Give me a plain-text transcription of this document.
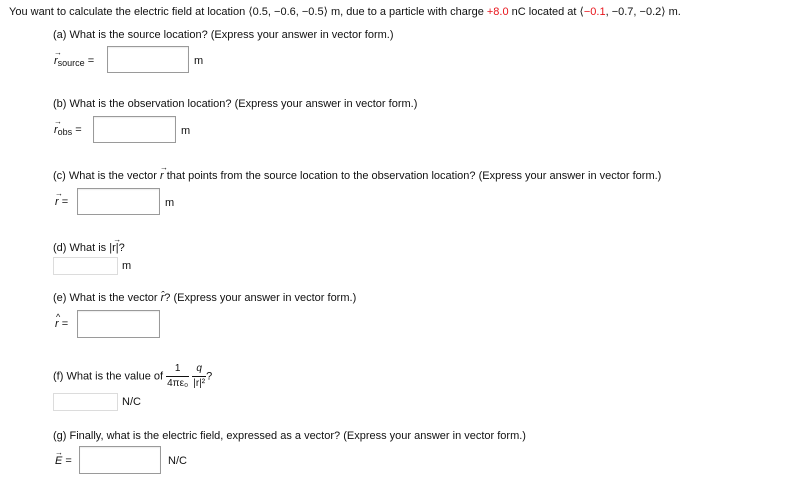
You want to calculate the electric field at location ⟨0.5, −0.6, −0.5⟩ m, due to a particle with charge +8.0 nC located at ⟨−0.1, −0.7, −0.2⟩ m.
(a) What is the source location? (Express your answer in vector form.)
→
rsource =	m
(b) What is the observation location? (Express your answer in vector form.)
→
robs =	m
(c) What is the vector
→
r that points from the source location to the observation location? (Express your answer in vector form.)
→
r =	m
(d) What is
→
|r|?
m
(e) What is the vector r̂? (Express your answer in vector form.)
^
r =
(f) What is the value of $\frac{1}{\text{4πε₀}}$
$\frac{q}{\text{|r|²}}$ ?
N/C
(g) Finally, what is the electric field, expressed as a vector? (Express your answer in vector form.)
→
E =	N/C
